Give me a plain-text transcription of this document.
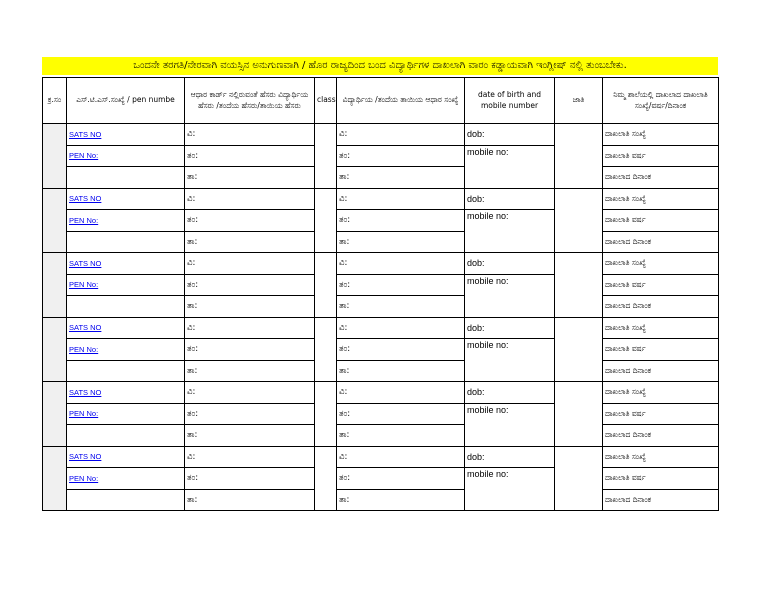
ಒಂದನೇ ತರಗತಿ/ನೇರವಾಗಿ ವಯಸ್ಸಿನ ಅನುಗುಣವಾಗಿ / ಹೊರ ರಾಜ್ಯದಿಂದ ಬಂದ ವಿದ್ಯಾರ್ಥಿಗಳ ದಾಖಲಾಗಿ ವಾರಂ ಕಡ್ಡಾಯವಾಗಿ ಇಂಗ್ಲೀಷ್ ನಲ್ಲಿ ತುಂಬಬೇಕು.
ಕ್ರ.ಸಂ	ಎಸ್.ಟಿ.ಎಸ್.ಸಂಖ್ಯೆ / pen numbe	ಆಧಾರ ಕಾರ್ಡ್ ನಲ್ಲಿರುವಂತೆ ಹೆಸರು ವಿದ್ಯಾರ್ಥಿಯ ಹೆಸರು /ತಂದೆಯ ಹೆಸರು/ತಾಯಿಯ ಹೆಸರು	class	ವಿದ್ಯಾರ್ಥಿಯ /ತಂದೆಯ ತಾಯಿಯ ಆಧಾರ ಸಂಖ್ಯೆ	date of birth and mobile number	ಜಾತಿ	ನಿಮ್ಮ ಶಾಲೆಯಲ್ಲಿ ದಾಖಲಾದ ದಾಖಲಾತಿ ಸಂಖ್ಯೆ/ವರ್ಷ/ದಿನಾಂಕ
	SATS NO	ವಿ:		ವಿ:	dob:		ದಾಖಲಾತಿ ಸಂಖ್ಯೆ
	PEN No:	ತಂ:		ತಂ:	mobile no:		ದಾಖಲಾತಿ ವರ್ಷ
		ತಾ:		ತಾ:			ದಾಖಲಾದ ದಿನಾಂಕ
	SATS NO	ವಿ:		ವಿ:	dob:		ದಾಖಲಾತಿ ಸಂಖ್ಯೆ
	PEN No:	ತಂ:		ತಂ:	mobile no:		ದಾಖಲಾತಿ ವರ್ಷ
		ತಾ:		ತಾ:			ದಾಖಲಾದ ದಿನಾಂಕ
	SATS NO	ವಿ:		ವಿ:	dob:		ದಾಖಲಾತಿ ಸಂಖ್ಯೆ
	PEN No:	ತಂ:		ತಂ:	mobile no:		ದಾಖಲಾತಿ ವರ್ಷ
		ತಾ:		ತಾ:			ದಾಖಲಾದ ದಿನಾಂಕ
	SATS NO	ವಿ:		ವಿ:	dob:		ದಾಖಲಾತಿ ಸಂಖ್ಯೆ
	PEN No:	ತಂ:		ತಂ:	mobile no:		ದಾಖಲಾತಿ ವರ್ಷ
		ತಾ:		ತಾ:			ದಾಖಲಾದ ದಿನಾಂಕ
	SATS NO	ವಿ:		ವಿ:	dob:		ದಾಖಲಾತಿ ಸಂಖ್ಯೆ
	PEN No:	ತಂ:		ತಂ:	mobile no:		ದಾಖಲಾತಿ ವರ್ಷ
		ತಾ:		ತಾ:			ದಾಖಲಾದ ದಿನಾಂಕ
	SATS NO	ವಿ:		ವಿ:	dob:		ದಾಖಲಾತಿ ಸಂಖ್ಯೆ
	PEN No:	ತಂ:		ತಂ:	mobile no:		ದಾಖಲಾತಿ ವರ್ಷ
		ತಾ:		ತಾ:			ದಾಖಲಾದ ದಿನಾಂಕ
